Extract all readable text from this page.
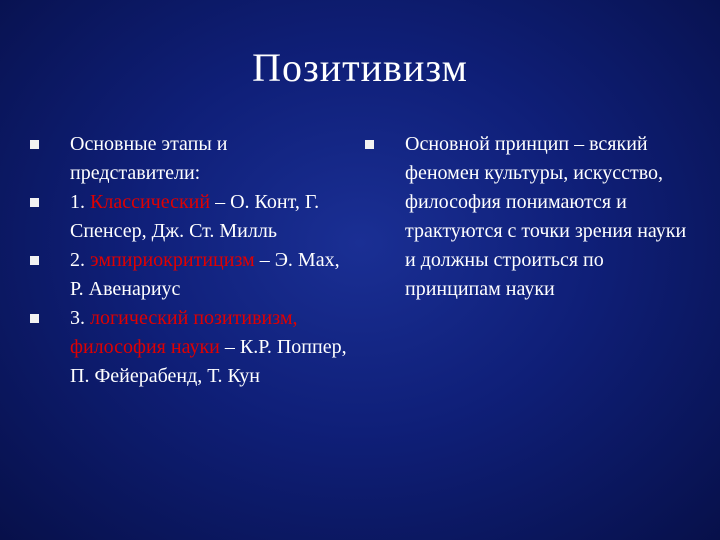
Позитивизм
Основные этапы и представители:
1. Классический – О. Конт, Г. Спенсер, Дж. Ст. Милль
2. эмпириокритицизм – Э. Мах, Р. Авенариус
3. логический позитивизм, философия науки – К.Р. Поппер, П. Фейерабенд, Т. Кун
Основной принцип – всякий феномен культуры, искусство, философия понимаются и трактуются с точки зрения науки и должны строиться по принципам науки
